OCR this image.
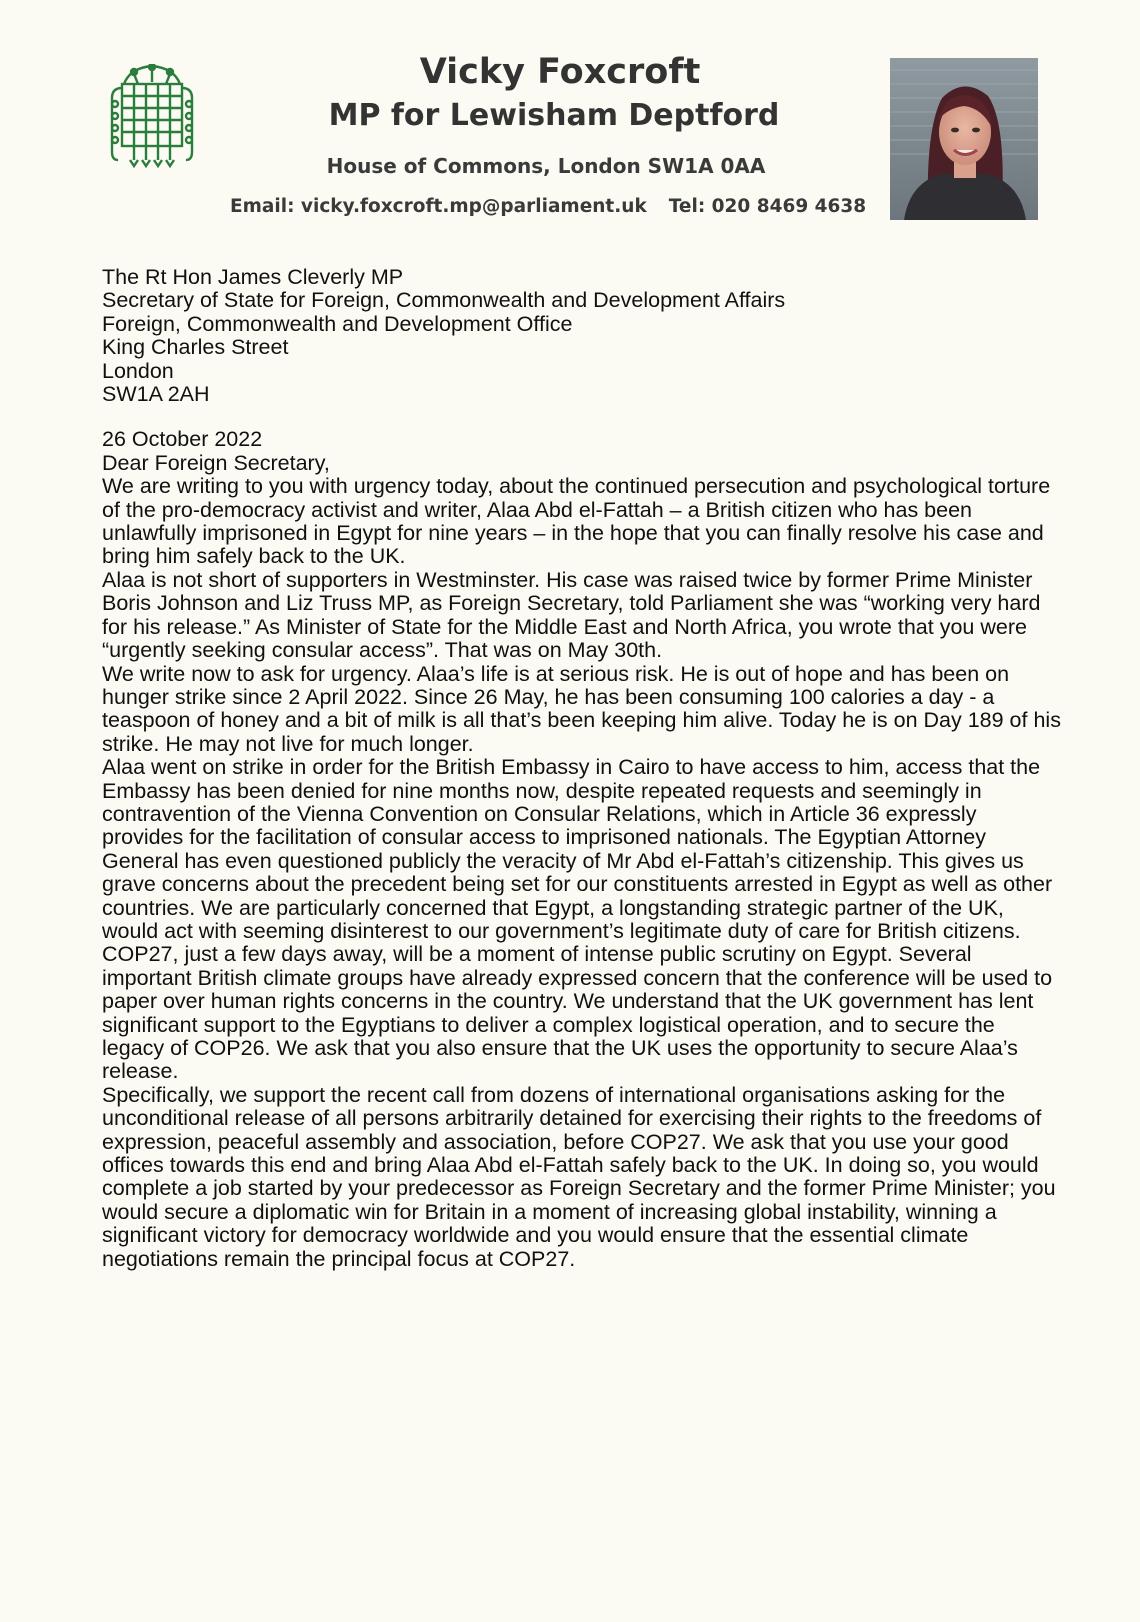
Vicky Foxcroft
MP for Lewisham Deptford
House of Commons, London SW1A 0AA
Email: vicky.foxcroft.mp@parliament.uk Tel: 020 8469 4638

The Rt Hon James Cleverly MP

Secretary of State for Foreign, Commonwealth and Development Affairs

Foreign, Commonwealth and Development Office

King Charles Street

London

SW1A 2AH

26 October 2022

Dear Foreign Secretary,

We are writing to you with urgency today, about the continued persecution and psychological torture of the pro-democracy activist and writer, Alaa Abd el-Fattah – a British citizen who has been unlawfully imprisoned in Egypt for nine years – in the hope that you can finally resolve his case and bring him safely back to the UK.

Alaa is not short of supporters in Westminster. His case was raised twice by former Prime Minister Boris Johnson and Liz Truss MP, as Foreign Secretary, told Parliament she was “working very hard for his release.” As Minister of State for the Middle East and North Africa, you wrote that you were “urgently seeking consular access”. That was on May 30th.

We write now to ask for urgency. Alaa’s life is at serious risk. He is out of hope and has been on hunger strike since 2 April 2022. Since 26 May, he has been consuming 100 calories a day - a teaspoon of honey and a bit of milk is all that’s been keeping him alive. Today he is on Day 189 of his strike. He may not live for much longer.

Alaa went on strike in order for the British Embassy in Cairo to have access to him, access that the Embassy has been denied for nine months now, despite repeated requests and seemingly in contravention of the Vienna Convention on Consular Relations, which in Article 36 expressly provides for the facilitation of consular access to imprisoned nationals. The Egyptian Attorney General has even questioned publicly the veracity of Mr Abd el-Fattah’s citizenship. This gives us grave concerns about the precedent being set for our constituents arrested in Egypt as well as other countries. We are particularly concerned that Egypt, a longstanding strategic partner of the UK, would act with seeming disinterest to our government’s legitimate duty of care for British citizens.

COP27, just a few days away, will be a moment of intense public scrutiny on Egypt. Several important British climate groups have already expressed concern that the conference will be used to paper over human rights concerns in the country. We understand that the UK government has lent significant support to the Egyptians to deliver a complex logistical operation, and to secure the legacy of COP26. We ask that you also ensure that the UK uses the opportunity to secure Alaa’s release.

Specifically, we support the recent call from dozens of international organisations asking for the unconditional release of all persons arbitrarily detained for exercising their rights to the freedoms of expression, peaceful assembly and association, before COP27. We ask that you use your good offices towards this end and bring Alaa Abd el-Fattah safely back to the UK. In doing so, you would complete a job started by your predecessor as Foreign Secretary and the former Prime Minister; you would secure a diplomatic win for Britain in a moment of increasing global instability, winning a significant victory for democracy worldwide and you would ensure that the essential climate negotiations remain the principal focus at COP27.
